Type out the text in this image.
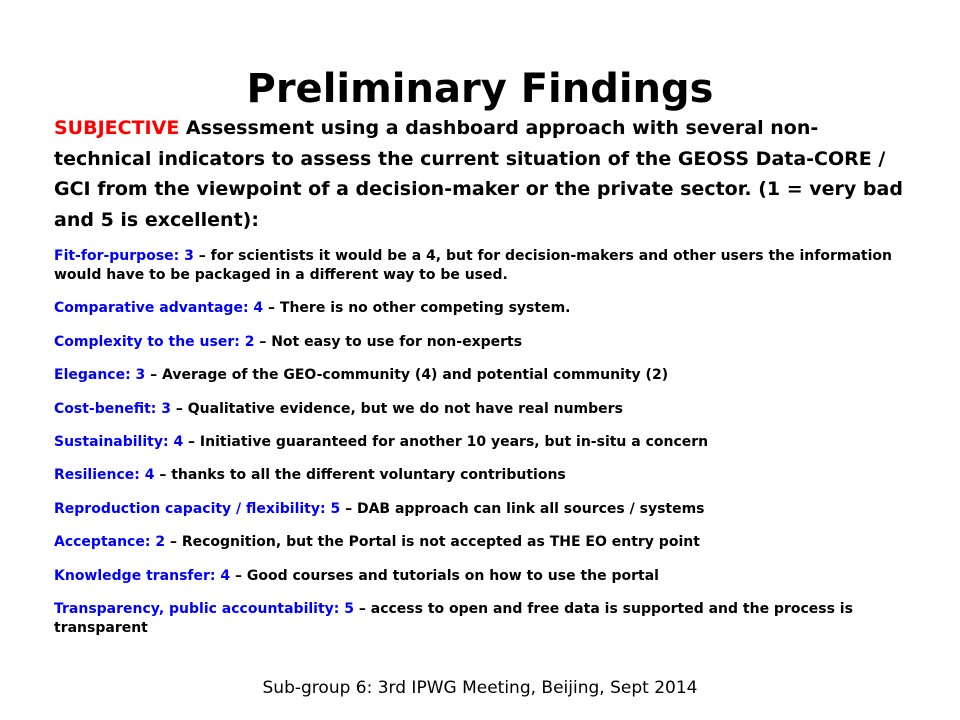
Preliminary Findings

SUBJECTIVE Assessment using a dashboard approach with several non-technical indicators to assess the current situation of the GEOSS Data-CORE / GCI from the viewpoint of a decision-maker or the private sector. (1 = very bad and 5 is excellent):

Fit-for-purpose: 3 – for scientists it would be a 4, but for decision-makers and other users the information would have to be packaged in a different way to be used.
Comparative advantage: 4 – There is no other competing system.
Complexity to the user: 2 – Not easy to use for non-experts
Elegance: 3 – Average of the GEO-community (4) and potential community (2)
Cost-benefit: 3 – Qualitative evidence, but we do not have real numbers
Sustainability: 4 – Initiative guaranteed for another 10 years, but in-situ a concern
Resilience: 4 – thanks to all the different voluntary contributions
Reproduction capacity / flexibility: 5 – DAB approach can link all sources / systems
Acceptance: 2 – Recognition, but the Portal is not accepted as THE EO entry point
Knowledge transfer: 4 – Good courses and tutorials on how to use the portal
Transparency, public accountability: 5 – access to open and free data is supported and the process is transparent
Sub-group 6: 3rd IPWG Meeting, Beijing, Sept 2014
